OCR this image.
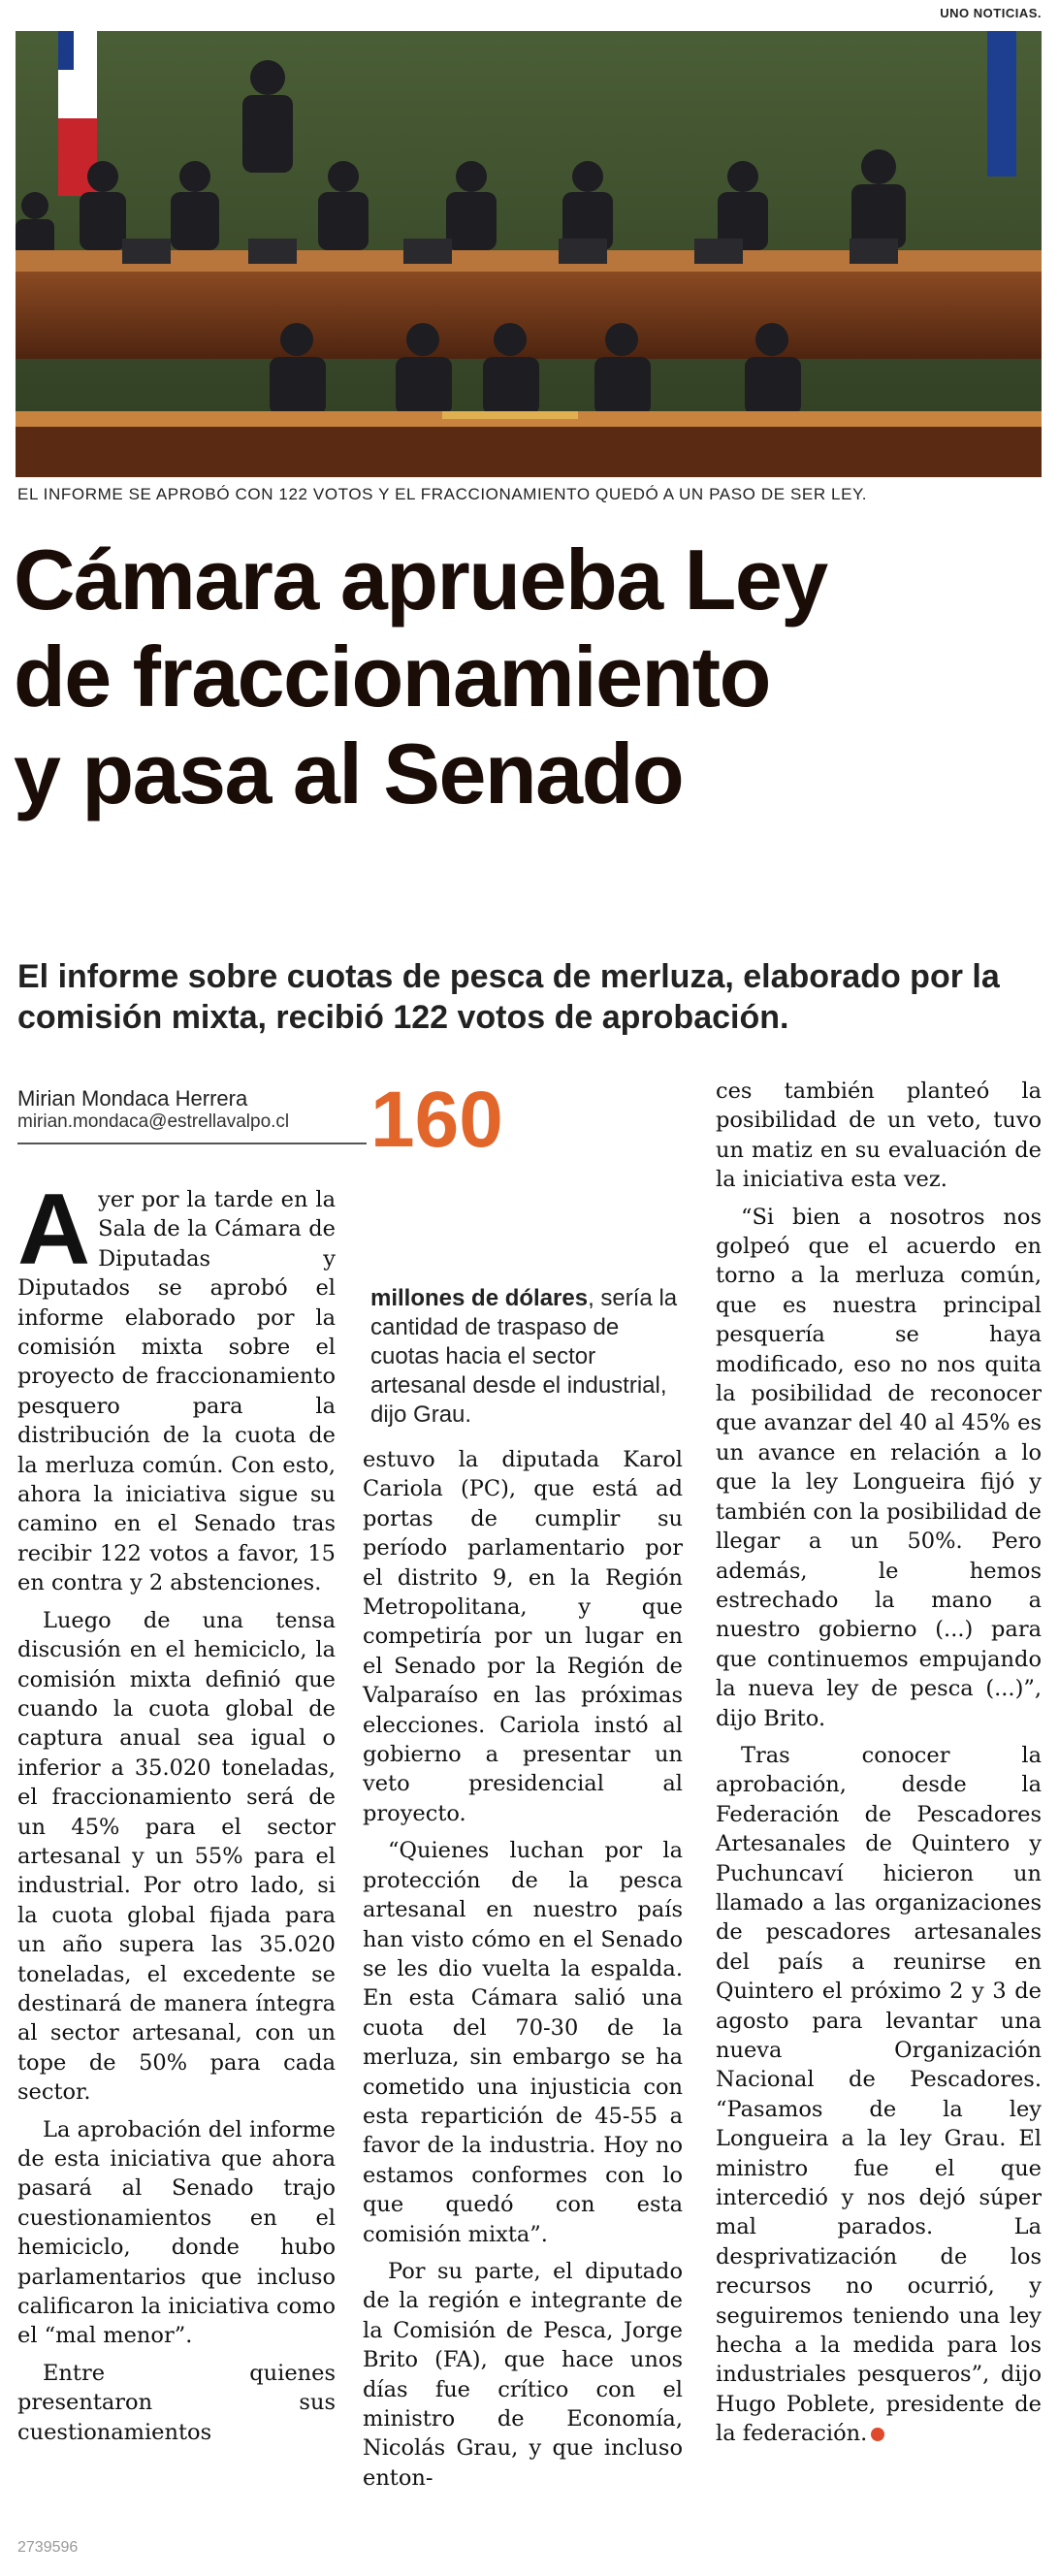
UNO NOTICIAS.
EL INFORME SE APROBÓ CON 122 VOTOS Y EL FRACCIONAMIENTO QUEDÓ A UN PASO DE SER LEY.
Cámara aprueba Ley
de fraccionamiento
y pasa al Senado

El informe sobre cuotas de pesca de merluza, elaborado por la comisión mixta, recibió 122 votos de aprobación.

Mirian Mondaca Herrera
mirian.mondaca@estrellavalpo.cl	160
millones de dólares, sería la cantidad de traspaso de cuotas hacia el sector artesanal desde el industrial, dijo Grau.

Ayer por la tarde en la Sala de la Cámara de Diputadas y Diputados se aprobó el informe elaborado por la comisión mixta sobre el proyecto de fraccionamiento pesquero para la distribución de la cuota de la merluza común. Con esto, ahora la iniciativa sigue su camino en el Senado tras recibir 122 votos a favor, 15 en contra y 2 abstenciones.

Luego de una tensa discusión en el hemiciclo, la comisión mixta definió que cuando la cuota global de captura anual sea igual o inferior a 35.020 toneladas, el fraccionamiento será de un 45% para el sector artesanal y un 55% para el industrial. Por otro lado, si la cuota global fijada para un año supera las 35.020 toneladas, el excedente se destinará de manera íntegra al sector artesanal, con un tope de 50% para cada sector.

La aprobación del informe de esta iniciativa que ahora pasará al Senado trajo cuestionamientos en el hemiciclo, donde hubo parlamentarios que incluso calificaron la iniciativa como el “mal menor”.

Entre quienes presentaron sus cuestionamientos

estuvo la diputada Karol Cariola (PC), que está ad portas de cumplir su período parlamentario por el distrito 9, en la Región Metropolitana, y que competiría por un lugar en el Senado por la Región de Valparaíso en las próximas elecciones. Cariola instó al gobierno a presentar un veto presidencial al proyecto.

“Quienes luchan por la protección de la pesca artesanal en nuestro país han visto cómo en el Senado se les dio vuelta la espalda. En esta Cámara salió una cuota del 70-30 de la merluza, sin embargo se ha cometido una injusticia con esta repartición de 45-55 a favor de la industria. Hoy no estamos conformes con lo que quedó con esta comisión mixta”.

Por su parte, el diputado de la región e integrante de la Comisión de Pesca, Jorge Brito (FA), que hace unos días fue crítico con el ministro de Economía, Nicolás Grau, y que incluso enton-

ces también planteó la posibilidad de un veto, tuvo un matiz en su evaluación de la iniciativa esta vez.

“Si bien a nosotros nos golpeó que el acuerdo en torno a la merluza común, que es nuestra principal pesquería se haya modificado, eso no nos quita la posibilidad de reconocer que avanzar del 40 al 45% es un avance en relación a lo que la ley Longueira fijó y también con la posibilidad de llegar a un 50%. Pero además, le hemos estrechado la mano a nuestro gobierno (...) para que continuemos empujando la nueva ley de pesca (...)”, dijo Brito.

Tras conocer la aprobación, desde la Federación de Pescadores Artesanales de Quintero y Puchuncaví hicieron un llamado a las organizaciones de pescadores artesanales del país a reunirse en Quintero el próximo 2 y 3 de agosto para levantar una nueva Organización Nacional de Pescadores. “Pasamos de la ley Longueira a la ley Grau. El ministro fue el que intercedió y nos dejó súper mal parados. La desprivatización de los recursos no ocurrió, y seguiremos teniendo una ley hecha a la medida para los industriales pesqueros”, dijo Hugo Poblete, presidente de la federación.

2739596
